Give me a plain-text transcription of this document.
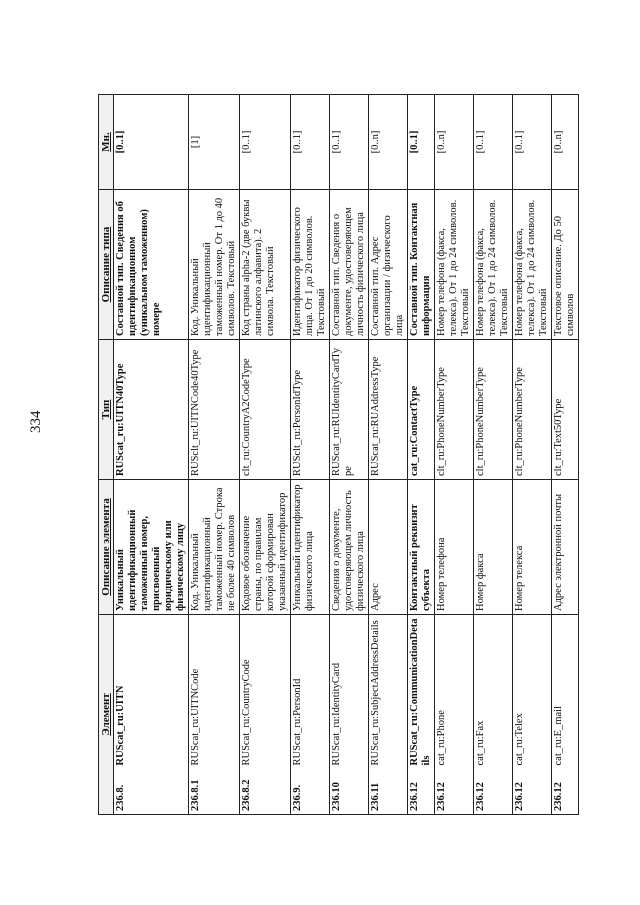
334
Элемент		Описание элемента	Тип	Описание типа	Мн.
236.8.	RUScat_ru:UITN	Уникальный идентификационный таможенный номер, присвоенный юридическому или физическому лицу	RUScat_ru:UITN40Type	Составной тип. Сведения об идентификационном (уникальном таможенном) номере	[0..1]
236.8.1	RUScat_ru:UITNCode	Код. Уникальный идентификационный таможенный номер. Строка не более 40 символов	RUSclt_ru:UITNCode40Type	Код. Уникальный идентификационный таможенный номер. От 1 до 40 символов. Текстовый	[1]
236.8.2	RUScat_ru:CountryCode	Кодовое обозначение страны, по правилам которой сформирован указанный идентификатор	clt_ru:CountryA2CodeType	Код страны alpha-2 (две буквы латинского алфавита). 2 символа. Текстовый	[0..1]
236.9.	RUScat_ru:PersonId	Уникальный идентификатор физического лица	RUSclt_ru:PersonIdType	Идентификатор физического лица. От 1 до 20 символов. Текстовый	[0..1]
236.10	RUScat_ru:IdentityCard	Сведения о документе, удостоверяющем личность физического лица	RUScat_ru:RUIdentityCardType	Составной тип. Сведения о документе, удостоверяющем личность физического лица	[0..1]
236.11	RUScat_ru:SubjectAddressDetails	Адрес	RUScat_ru:RUAddressType	Составной тип. Адрес организации / физического лица	[0..n]
236.12	RUScat_ru:CommunicationDetails	Контактный реквизит субъекта	cat_ru:ContactType	Составной тип. Контактная информация	[0..1]
236.12	cat_ru:Phone	Номер телефона	clt_ru:PhoneNumberType	Номер телефона (факса, телекса). От 1 до 24 символов. Текстовый	[0..n]
236.12	cat_ru:Fax	Номер факса	clt_ru:PhoneNumberType	Номер телефона (факса, телекса). От 1 до 24 символов. Текстовый	[0..1]
236.12	cat_ru:Telex	Номер телекса	clt_ru:PhoneNumberType	Номер телефона (факса, телекса). От 1 до 24 символов. Текстовый	[0..1]
236.12	cat_ru:E_mail	Адрес электронной почты	clt_ru:Text50Type	Текстовое описание. До 50 символов	[0..n]
